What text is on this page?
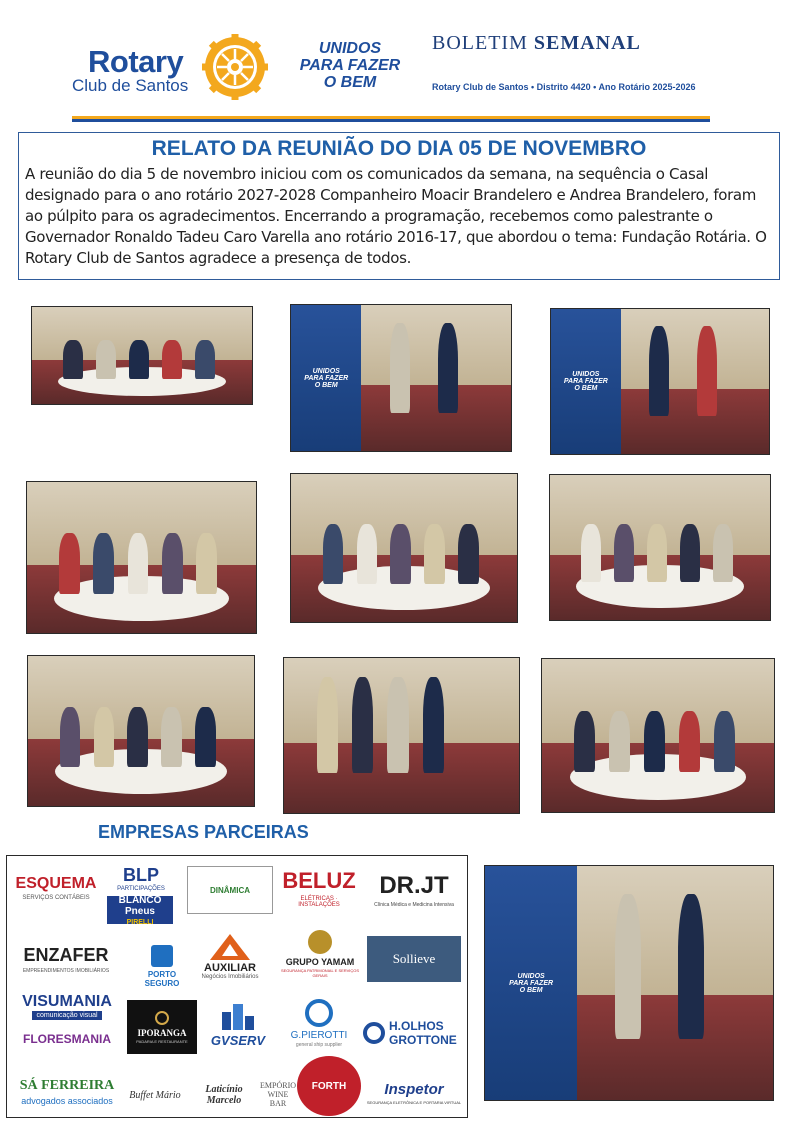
Rotary
Club de Santos
UNIDOS
PARA FAZER
O BEM
BOLETIM SEMANAL
Rotary Club de Santos • Distrito 4420 • Ano Rotário 2025-2026
RELATO DA REUNIÃO DO DIA 05 DE NOVEMBRO
A reunião do dia 5 de novembro iniciou com os comunicados da semana, na sequência o Casal designado para o ano rotário 2027-2028 Companheiro Moacir Brandelero e Andrea Brandelero, foram ao púlpito para os agradecimentos. Encerrando a programação, recebemos como palestrante o Governador Ronaldo Tadeu Caro Varella ano rotário 2016-17, que abordou o tema: Fundação Rotária. O Rotary Club de Santos agradece a presença de todos.
UNIDOS
PARA FAZER
O BEM
UNIDOS
PARA FAZER
O BEM
UNIDOS
PARA FAZER
O BEM
EMPRESAS PARCEIRAS
ESQUEMA
SERVIÇOS CONTÁBEIS
BLP
PARTICIPAÇÕES
BLANCO Pneus
PIRELLI
DINÂMICA BELUZ
ELÉTRICAS · INSTALAÇÕES
DR.JT
Clínica Médica e Medicina Intensiva
ENZAFER
EMPREENDIMENTOS IMOBILIÁRIOS	PORTO SEGURO
AUXILIAR
Negócios Imobiliários
GRUPO YAMAM
SEGURANÇA PATRIMONIAL E SERVIÇOS GERAIS
Sollieve
VISUMANIA
comunicação visual
FLORESMANIA	IPORANGA
PADARIA E RESTAURANTE GVSERV	G.PIEROTTI
general ship supplier
H.OLHOS GROTTONE
SÁ FERREIRA
advogados associados
Buffet Mário	Laticínio Marcelo
EMPÓRIO WINE BAR
FORTH	Inspetor
SEGURANÇA ELETRÔNICA E PORTARIA VIRTUAL
